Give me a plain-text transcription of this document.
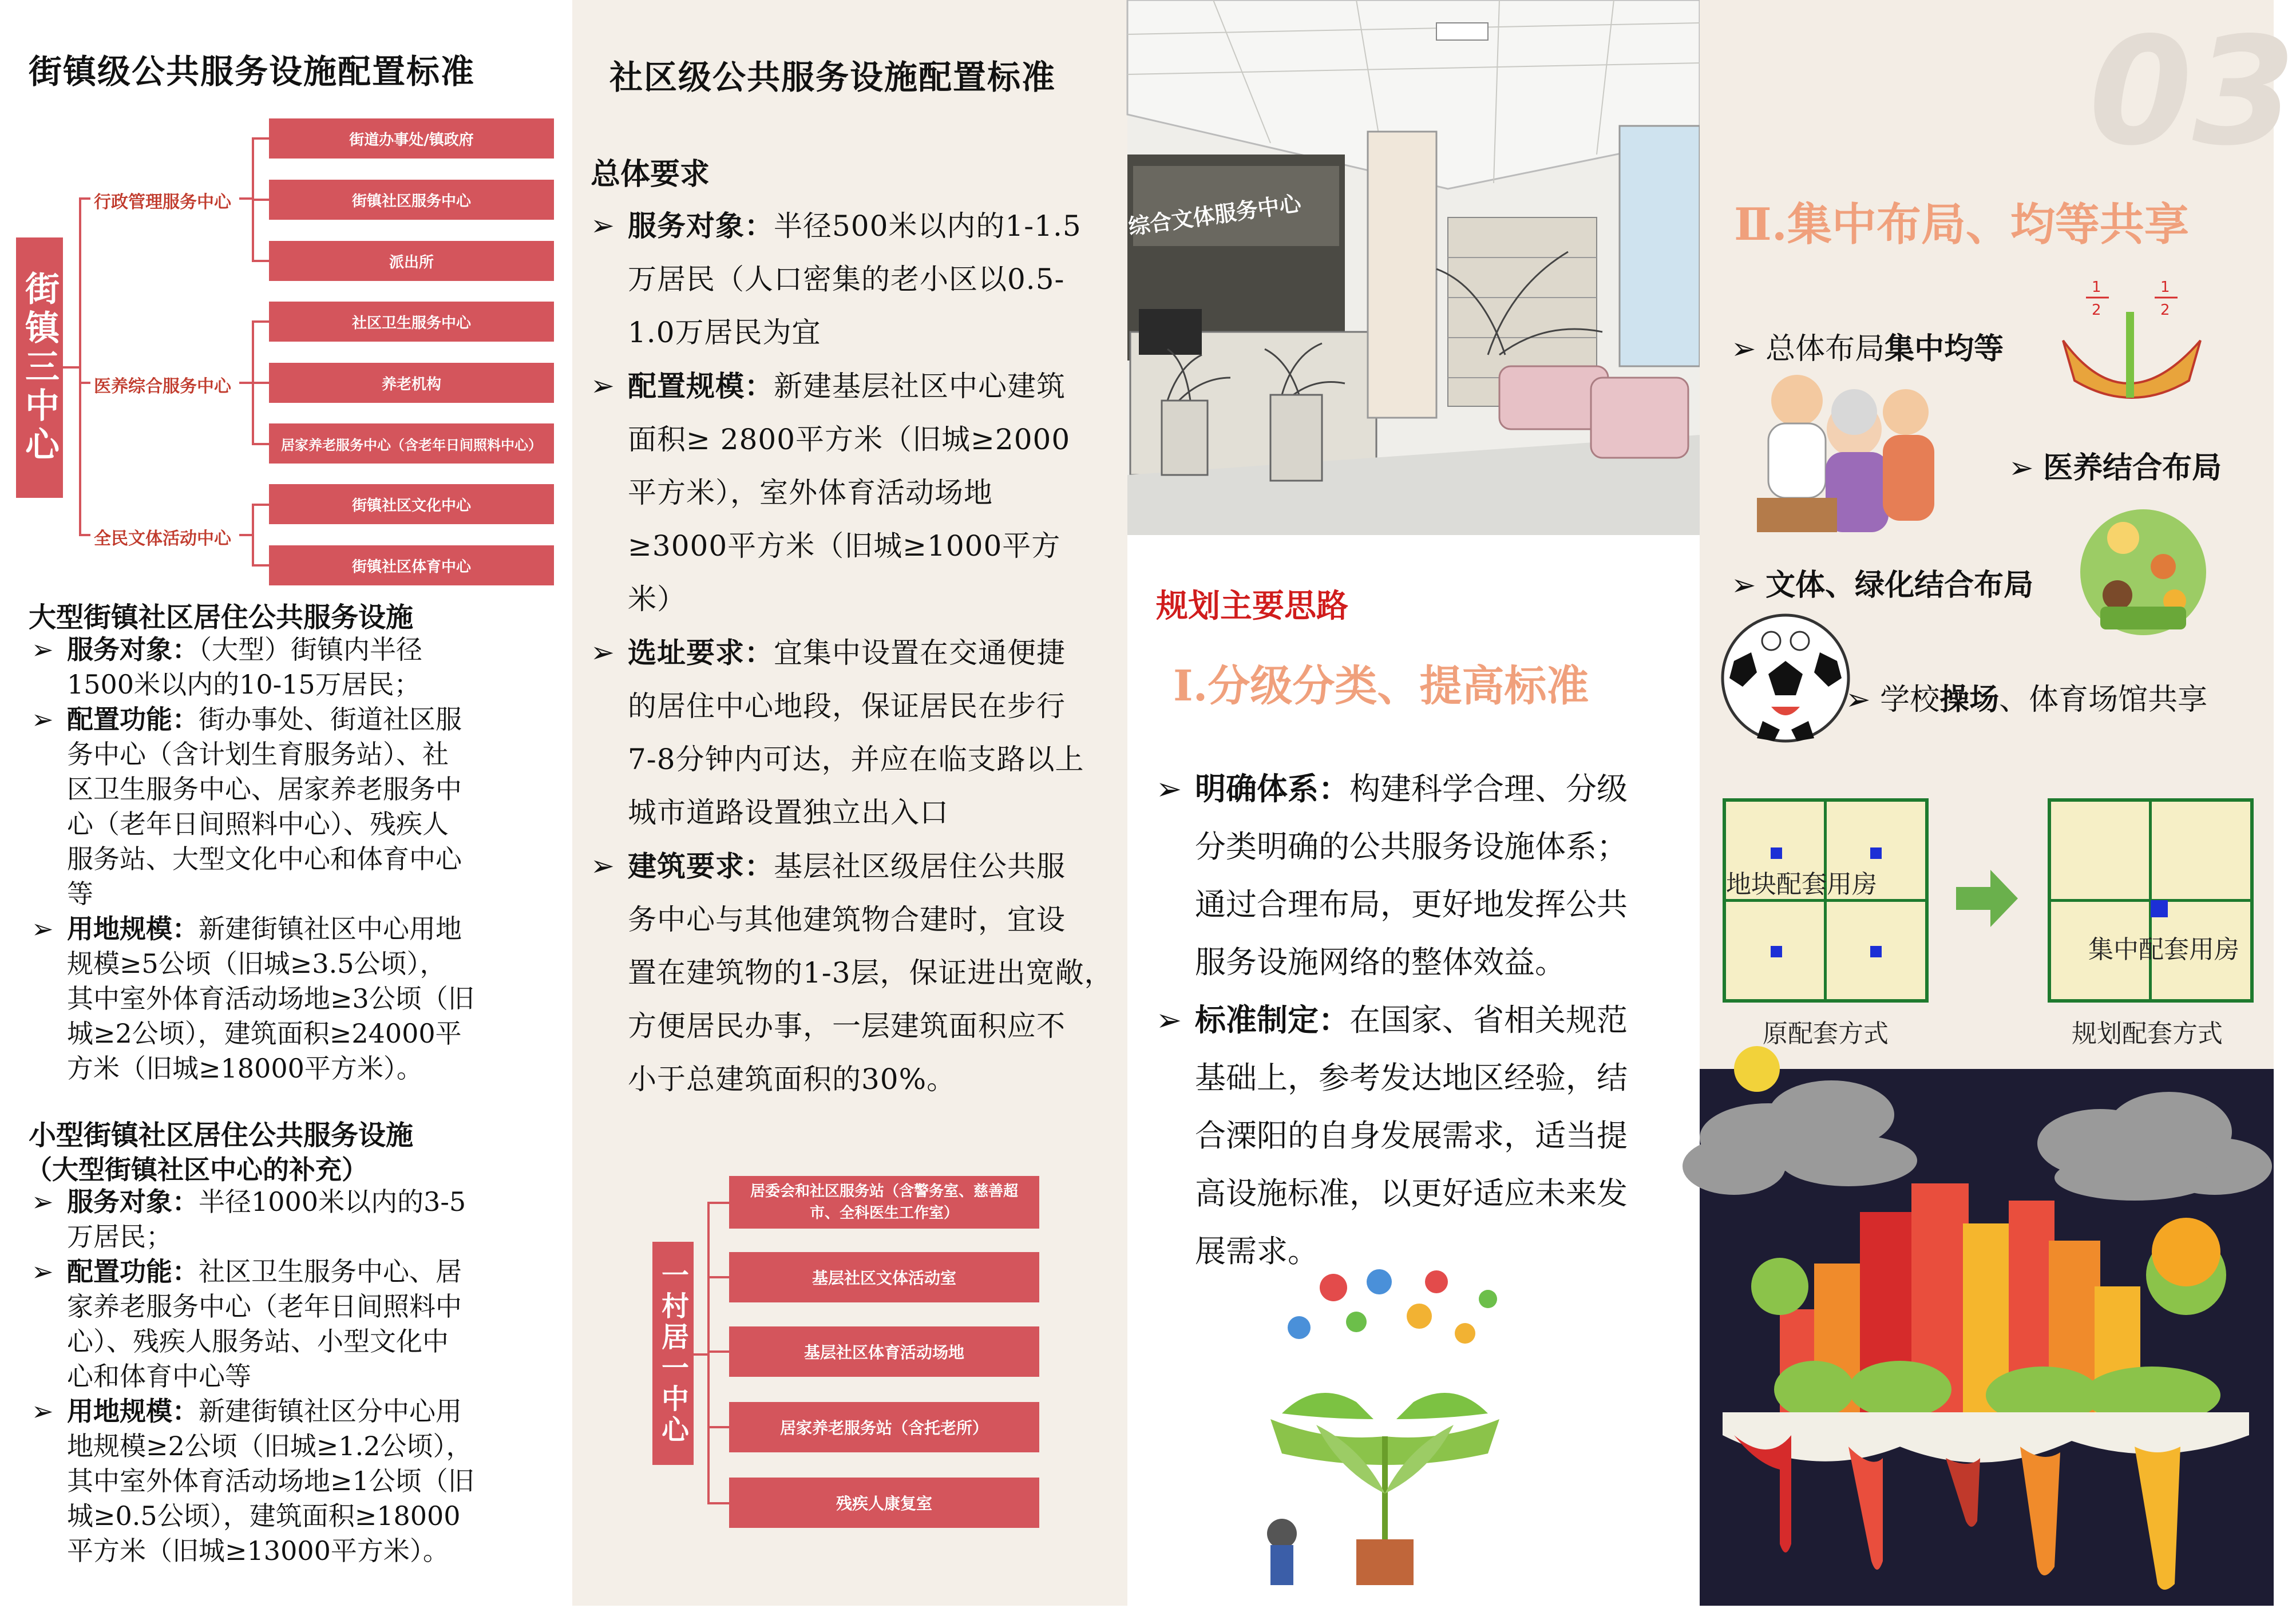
街镇级公共服务设施配置标准
街镇三中心
行政管理服务中心
医养综合服务中心
全民文体活动中心
街道办事处/镇政府
街镇社区服务中心
派出所
社区卫生服务中心
养老机构
居家养老服务中心（含老年日间照料中心）
街镇社区文化中心
街镇社区体育中心
大型街镇社区居住公共服务设施
➢ 服务对象：（大型）街镇内半径
1500米以内的10-15万居民；
➢ 配置功能：街办事处、街道社区服
务中心（含计划生育服务站）、社
区卫生服务中心、居家养老服务中
心（老年日间照料中心）、残疾人
服务站、大型文化中心和体育中心
等
➢ 用地规模：新建街镇社区中心用地
规模≥5公顷（旧城≥3.5公顷），
其中室外体育活动场地≥3公顷（旧
城≥2公顷），建筑面积≥24000平
方米（旧城≥18000平方米）。
小型街镇社区居住公共服务设施
（大型街镇社区中心的补充）
➢ 服务对象：半径1000米以内的3-5
万居民；
➢ 配置功能：社区卫生服务中心、居
家养老服务中心（老年日间照料中
心）、残疾人服务站、小型文化中
心和体育中心等
➢ 用地规模：新建街镇社区分中心用
地规模≥2公顷（旧城≥1.2公顷），
其中室外体育活动场地≥1公顷（旧
城≥0.5公顷），建筑面积≥18000
平方米（旧城≥13000平方米）。
社区级公共服务设施配置标准
总体要求
➢ 服务对象：半径500米以内的1-1.5
万居民（人口密集的老小区以0.5-
1.0万居民为宜
➢ 配置规模：新建基层社区中心建筑
面积≥ 2800平方米（旧城≥2000
平方米），室外体育活动场地
≥3000平方米（旧城≥1000平方
米）
➢ 选址要求：宜集中设置在交通便捷
的居住中心地段，保证居民在步行
7-8分钟内可达，并应在临支路以上
城市道路设置独立出入口
➢ 建筑要求：基层社区级居住公共服
务中心与其他建筑物合建时，宜设
置在建筑物的1-3层，保证进出宽敞，
方便居民办事，一层建筑面积应不
小于总建筑面积的30%。
一村居一中心
居委会和社区服务站（含警务室、慈善超市、全科医生工作室）
基层社区文体活动室
基层社区体育活动场地
居家养老服务站（含托老所）
残疾人康复室
综合文体服务中心
规划主要思路
Ⅰ.分级分类、提高标准
➢ 明确体系：构建科学合理、分级
分类明确的公共服务设施体系；
通过合理布局，更好地发挥公共
服务设施网络的整体效益。
➢ 标准制定：在国家、省相关规范
基础上，参考发达地区经验，结
合溧阳的自身发展需求，适当提
高设施标准，以更好适应未来发
展需求。
03
Ⅱ.集中布局、均等共享
➢ 总体布局集中均等
➢ 医养结合布局
➢ 文体、绿化结合布局
➢ 学校操场、体育场馆共享
1
2
1
2
地块配套用房
集中配套用房
原配套方式	规划配套方式
